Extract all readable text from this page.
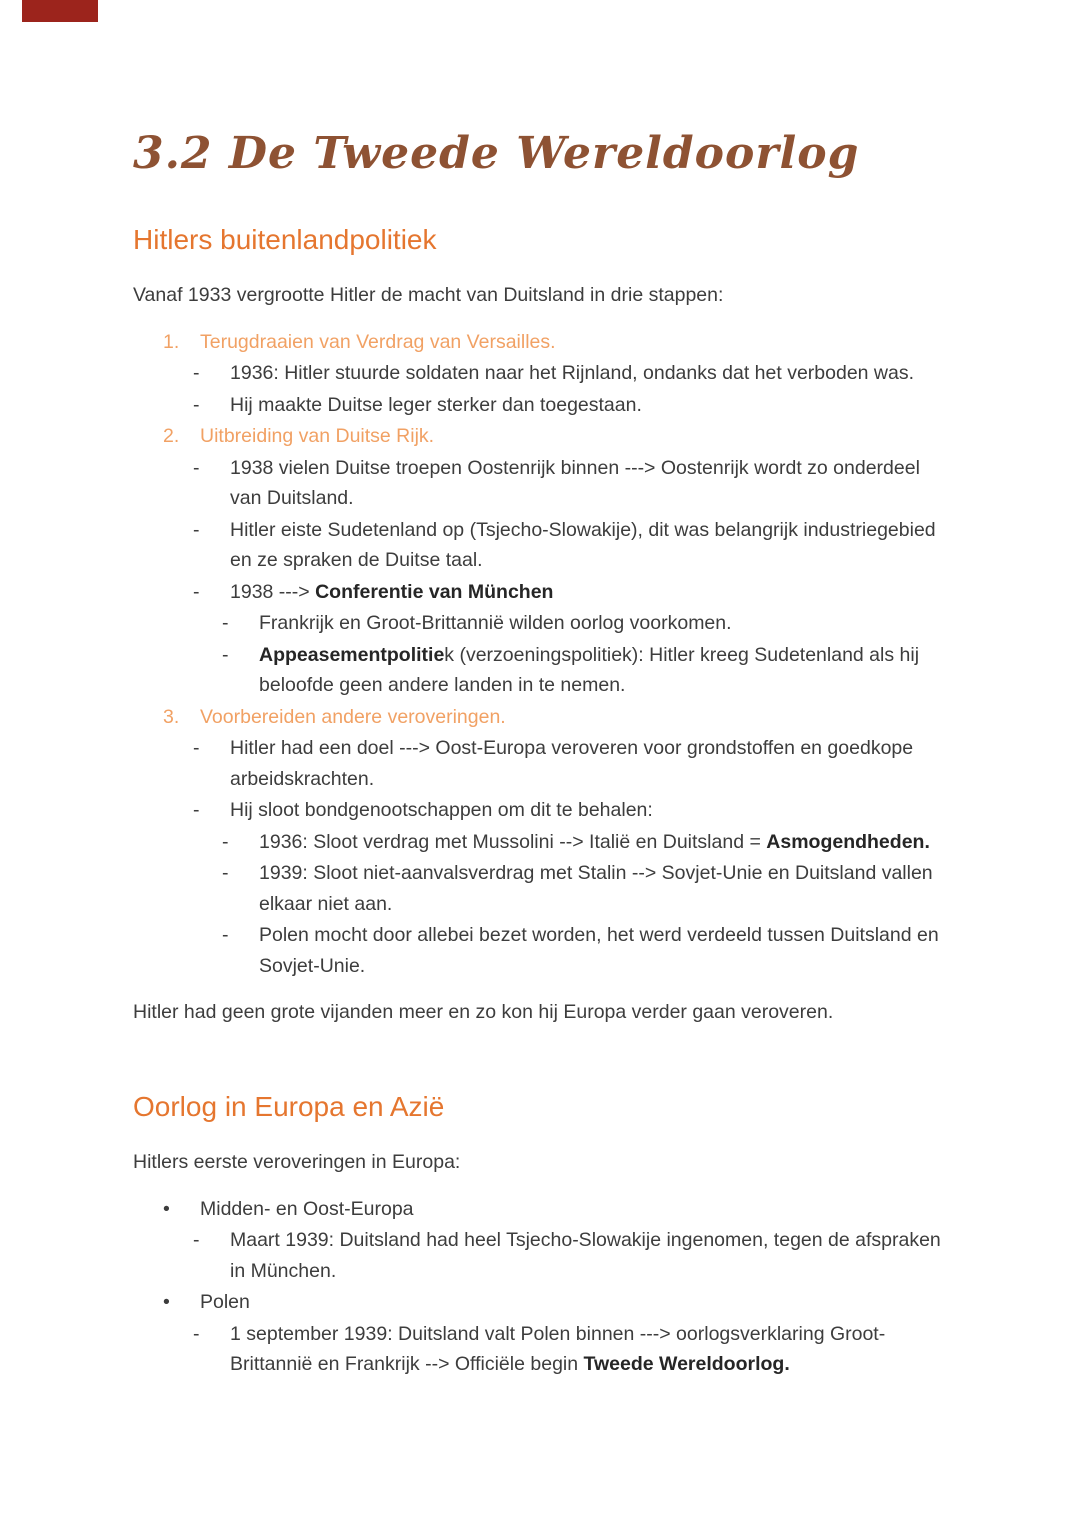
3.2 De Tweede Wereldoorlog
Hitlers buitenlandpolitiek

Vanaf 1933 vergrootte Hitler de macht van Duitsland in drie stappen:

1.	Terugdraaien van Verdrag van Versailles.
-	1936: Hitler stuurde soldaten naar het Rijnland, ondanks dat het verboden was.
-	Hij maakte Duitse leger sterker dan toegestaan.
2.	Uitbreiding van Duitse Rijk.
-	1938 vielen Duitse troepen Oostenrijk binnen ---> Oostenrijk wordt zo onderdeel van Duitsland.
-	Hitler eiste Sudetenland op (Tsjecho-Slowakije), dit was belangrijk industriegebied en ze spraken de Duitse taal.
-	1938 ---> Conferentie van München
-	Frankrijk en Groot-Brittannië wilden oorlog voorkomen.
-	Appeasementpolitiek (verzoeningspolitiek): Hitler kreeg Sudetenland als hij beloofde geen andere landen in te nemen.
3.	Voorbereiden andere veroveringen.
-	Hitler had een doel ---> Oost-Europa veroveren voor grondstoffen en goedkope arbeidskrachten.
-	Hij sloot bondgenootschappen om dit te behalen:
-	1936: Sloot verdrag met Mussolini --> Italië en Duitsland = Asmogendheden.
-	1939: Sloot niet-aanvalsverdrag met Stalin --> Sovjet-Unie en Duitsland vallen elkaar niet aan.
-	Polen mocht door allebei bezet worden, het werd verdeeld tussen Duitsland en Sovjet-Unie.

Hitler had geen grote vijanden meer en zo kon hij Europa verder gaan veroveren.

Oorlog in Europa en Azië

Hitlers eerste veroveringen in Europa:

•	Midden- en Oost-Europa
-	Maart 1939: Duitsland had heel Tsjecho-Slowakije ingenomen, tegen de afspraken in München.
•	Polen
-	1 september 1939: Duitsland valt Polen binnen ---> oorlogsverklaring Groot-Brittannië en Frankrijk --> Officiële begin Tweede Wereldoorlog.
